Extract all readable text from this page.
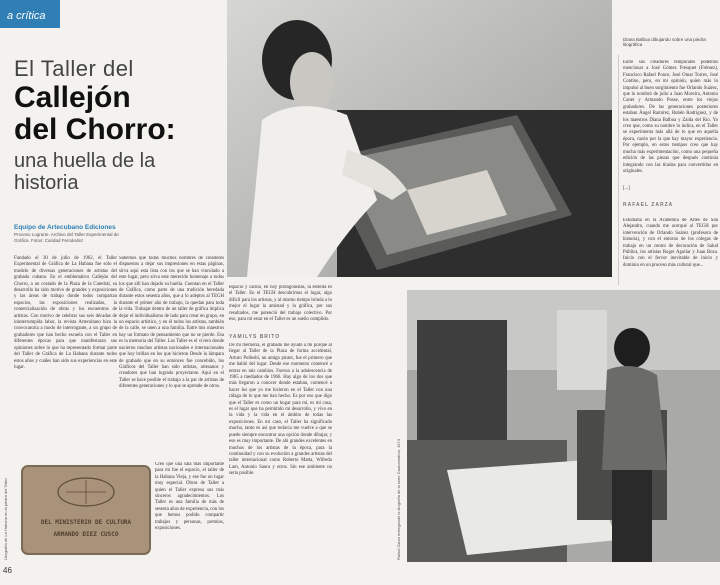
a crítica
El Taller del
Callejón
del Chorro:
una huella de la
historia
Equipo de Artecubano Ediciones
Proceso Lograrte. Archivo del Taller Experimental de Gráfica. Fotos: Caridad Fernández
Fundado el 30 de julio de 1962, el Taller Experimental de Gráfica de La Habana fue sólo el modelo de diversas generaciones de artistas del grabado cubano. En el emblemático Callejón del Chorro, a un costado de la Plaza de la Catedral, su desarrollo ha sido motivo de grandes y exposiciones y las áreas de trabajo donde todos compartan espacios, las exposiciones realizadas, la comercialización de obras y los encuentros de artistas. Con motivo de celebrar sus seis décadas de ininterrumpida labor, la revista Artecubano hizo la convocatoria a modo de interrogante, a un grupo de grabadores que han hecho escuela con el Taller en diferentes épocas para que manifestaran sus opiniones sobre lo que ha representado formar parte del Taller de Gráfica de La Habana durante todos estos años y cuáles han sido sus experiencias en este lugar.
Sabemos que todas muchos nombres de creadores dispuestos a dejar sus impresiones en estas páginas, sirva aquí esta lista con los que se han vinculado a este lugar, pero sirva este merecido homenaje a todos los que allí han dejado su huella. Cuentan en el Taller de Gráfica, como parte de una tradición heredada durante estos sesenta años, que a lo adeptos al TEGH durante el primer año de trabajo, la quedan para toda la vida. Trabajar dentro de un taller de gráfica implica dejar el individualismo de lado para crear en grupo, en un espacio artístico, y en él todos los artistas, también de la calle, se unen a una familia. Entre mis maestros hay un formato de pensamiento que no se pierde. Esa es la memoria del Taller. Los Taller es el vivero donde nacieron muchos artistas nacionales e internacionales que hoy brillan en los que hicieron Desde la lámpara de grabado que en su entonces fue concebido, los Gráficos del Taller han sido artistas, artesanos y creadores que han logrado proyectarse. Aquí en el Taller se hace posible el trabajo a la par de artistas de diferentes generaciones y lo que se aprende de otros.
Creo que una sala más importante para mí fue el espacio, el taller de la Habana Vieja, y ese fue un lugar muy especial. Obras de Taller a quien el Taller expresa sus más sinceros agradecimientos. Los Taller es una familia de más de sesenta años de experiencia, con los que hemos podido compartir trabajos y personas, premios, exposiciones.
espacio y cariño, en hoy protagonistas, la estrella es el Taller. En el TEGH descubrimos el lugar, algo difícil para los artistas, y al mismo tiempo brinda a lo mejor el lugar la amistad y la gráfica, por sus resultados, me potenció del trabajo colectivo. Por eso, para mí estar en el Taller es un sueño cumplido.
YAMILYS BRITO
De mi memoria, el grabado me ayudó a mí porque al llegar al Taller de la Plaza de forma accidental, Arturo Pollesbí, un amigo pintor, fue el primero que me habló del lugar. Desde ese momento comencé a entrar en mis cambios. Fueron a la adolescencia de 1965 a mediados de 1966. Hay algo de los dos que más llegaron a conocer donde estaban, comencé a hacer los que yo me hicieron en el Taller con una ráfaga de lo que me han hecho. Es por eso que digo que el Taller es como un hogar para mí, es mi casa, es el lugar que ha permitido mi desarrollo, y vivo en la vida y la vida en el ámbito de todas las exposiciones. En mi caso, el Taller ha significado mucho, tanto es así que todavía me vuelve a que se puede siempre encontrar una opción donde dibujar, y eso es muy importante. De ahí grandes excelentes en muchos de los artistas de la época, para la continuidad y con su evolución a grandes artistas del taller internacional como Roberto Matta, Wifredo Lam, Antonio Saura y otros. Sin ese ambiente no sería posible.
Diana Balboa dibujando sobre una piedra litográfica
Entre sus creadores temporales podemos mencionar a José Gómez Fresquet (Frémez), Francisco Rafael Ponce, José Omar Torres, José Contino, pero, en mi opinión, quien más lo impulsó al buen surgimiento fue Orlando Suárez, que lo nombró de julio a Juan Moreira, Antonio Canet y Armando Posse, entre los viejos grabadores. De las generaciones posteriores estaban Ángel Ramírez, Rubén Rodríguez, y de los maestros Diana Balboa y Zaida del Río. Yo creo que, como su nombre lo indica, en el Taller se experimenta más allá de lo que en aquella época, razón por la que hay mayor experiencia. Por ejemplo, en estos tiempos creo que hay mucha más experimentación, como una pequeña edición de las piezas que después continúa integrando con las tiradas para convertirlas en originales.
[...]
RAFAEL ZARZA
Estudiaba en la Academia de Artes de San Alejandro, cuando me acerqué al TEGH por intervención de Orlando Suárez (profesora de historia), y con el entorno de los colegas de trabajo en un centro de decoración de Salud Pública, los artistas Roger Aguilar y Juan Boza. Inicio con el fervor inevitable de inicio y dominio en un proceso más cultural que...
Rafael Zarza entregando la litografía de la serie Guanamaboa, 1974
DEL MINISTERIO DE CULTURA
ARMANDO DIEZ CUSCO
Litografía de La Habana en la piedra del Taller
46
